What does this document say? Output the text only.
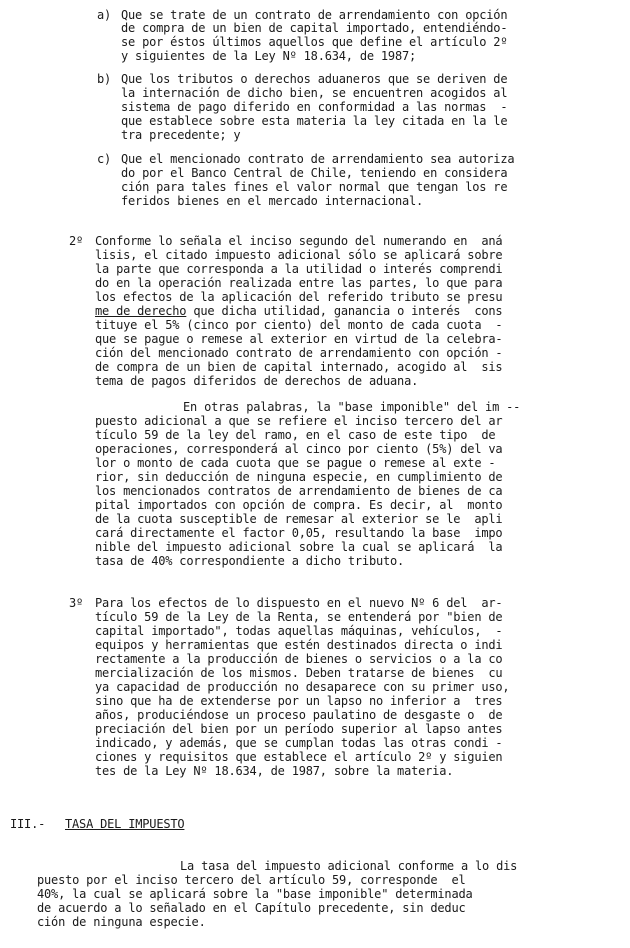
a) Que se trate de un contrato de arrendamiento con opción
de compra de un bien de capital importado, entendiéndo-
se por éstos últimos aquellos que define el artículo 2º
y siguientes de la Ley Nº 18.634, de 1987;
b) Que los tributos o derechos aduaneros que se deriven de
la internación de dicho bien, se encuentren acogidos al
sistema de pago diferido en conformidad a las normas  -
que establece sobre esta materia la ley citada en la le
tra precedente; y
c) Que el mencionado contrato de arrendamiento sea autoriza
do por el Banco Central de Chile, teniendo en considera
ción para tales fines el valor normal que tengan los re
feridos bienes en el mercado internacional.
2º Conforme lo señala el inciso segundo del numerando en  aná
lisis, el citado impuesto adicional sólo se aplicará sobre
la parte que corresponda a la utilidad o interés comprendi
do en la operación realizada entre las partes, lo que para
los efectos de la aplicación del referido tributo se presu
me de derecho que dicha utilidad, ganancia o interés  cons
tituye el 5% (cinco por ciento) del monto de cada cuota  -
que se pague o remese al exterior en virtud de la celebra-
ción del mencionado contrato de arrendamiento con opción -
de compra de un bien de capital internado, acogido al  sis
tema de pagos diferidos de derechos de aduana.
En otras palabras, la "base imponible" del im --
puesto adicional a que se refiere el inciso tercero del ar
tículo 59 de la ley del ramo, en el caso de este tipo  de
operaciones, corresponderá al cinco por ciento (5%) del va
lor o monto de cada cuota que se pague o remese al exte -
rior, sin deducción de ninguna especie, en cumplimiento de
los mencionados contratos de arrendamiento de bienes de ca
pital importados con opción de compra. Es decir, al  monto
de la cuota susceptible de remesar al exterior se le  apli
cará directamente el factor 0,05, resultando la base  impo
nible del impuesto adicional sobre la cual se aplicará  la
tasa de 40% correspondiente a dicho tributo.
3º Para los efectos de lo dispuesto en el nuevo Nº 6 del  ar-
tículo 59 de la Ley de la Renta, se entenderá por "bien de
capital importado", todas aquellas máquinas, vehículos,  -
equipos y herramientas que estén destinados directa o indi
rectamente a la producción de bienes o servicios o a la co
mercialización de los mismos. Deben tratarse de bienes  cu
ya capacidad de producción no desaparece con su primer uso,
sino que ha de extenderse por un lapso no inferior a  tres
años, produciéndose un proceso paulatino de desgaste o  de
preciación del bien por un período superior al lapso antes
indicado, y además, que se cumplan todas las otras condi -
ciones y requisitos que establece el artículo 2º y siguien
tes de la Ley Nº 18.634, de 1987, sobre la materia.
III.- TASA DEL IMPUESTO
La tasa del impuesto adicional conforme a lo dis
puesto por el inciso tercero del artículo 59, corresponde  el
40%, la cual se aplicará sobre la "base imponible" determinada
de acuerdo a lo señalado en el Capítulo precedente, sin deduc
ción de ninguna especie.
